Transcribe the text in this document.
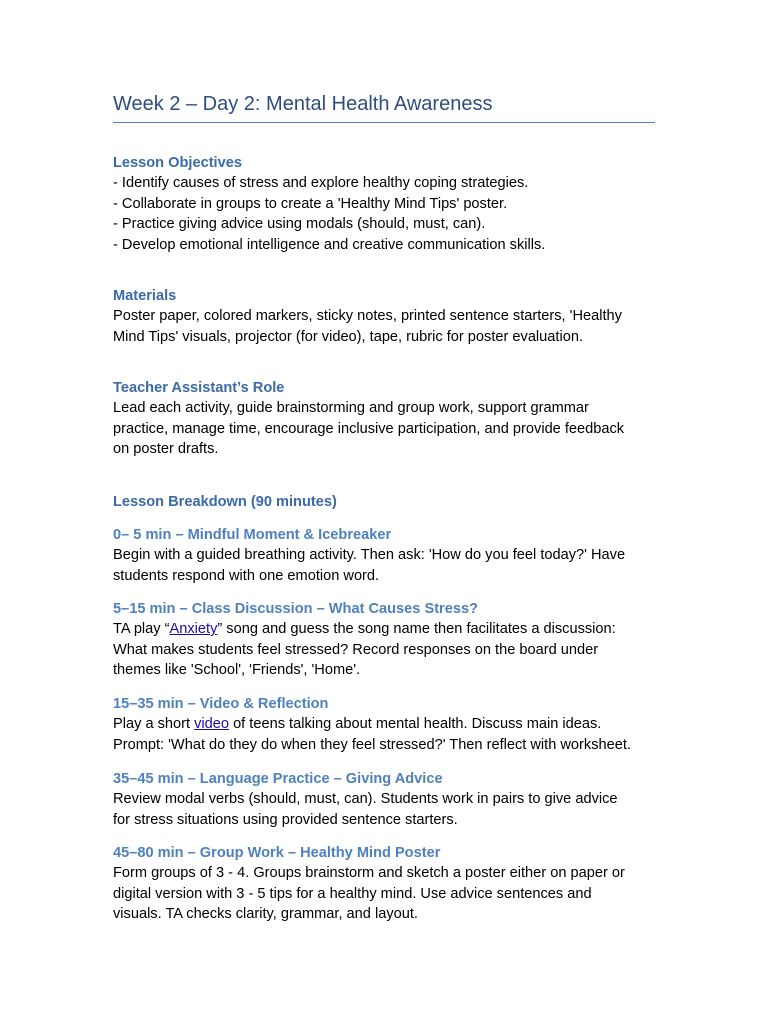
Week 2 – Day 2: Mental Health Awareness
Lesson Objectives
- Identify causes of stress and explore healthy coping strategies.
- Collaborate in groups to create a 'Healthy Mind Tips' poster.
- Practice giving advice using modals (should, must, can).
- Develop emotional intelligence and creative communication skills.
Materials
Poster paper, colored markers, sticky notes, printed sentence starters, 'Healthy
Mind Tips' visuals, projector (for video), tape, rubric for poster evaluation.
Teacher Assistant’s Role
Lead each activity, guide brainstorming and group work, support grammar
practice, manage time, encourage inclusive participation, and provide feedback
on poster drafts.
Lesson Breakdown (90 minutes)
0– 5 min – Mindful Moment & Icebreaker
Begin with a guided breathing activity. Then ask: 'How do you feel today?' Have
students respond with one emotion word.
5–15 min – Class Discussion – What Causes Stress?
TA play “Anxiety” song and guess the song name then facilitates a discussion:
What makes students feel stressed? Record responses on the board under
themes like 'School', 'Friends', 'Home'.
15–35 min – Video & Reflection
Play a short video of teens talking about mental health. Discuss main ideas.
Prompt: 'What do they do when they feel stressed?' Then reflect with worksheet.
35–45 min – Language Practice – Giving Advice
Review modal verbs (should, must, can). Students work in pairs to give advice
for stress situations using provided sentence starters.
45–80 min – Group Work – Healthy Mind Poster
Form groups of 3 - 4. Groups brainstorm and sketch a poster either on paper or
digital version with 3 - 5 tips for a healthy mind. Use advice sentences and
visuals. TA checks clarity, grammar, and layout.
